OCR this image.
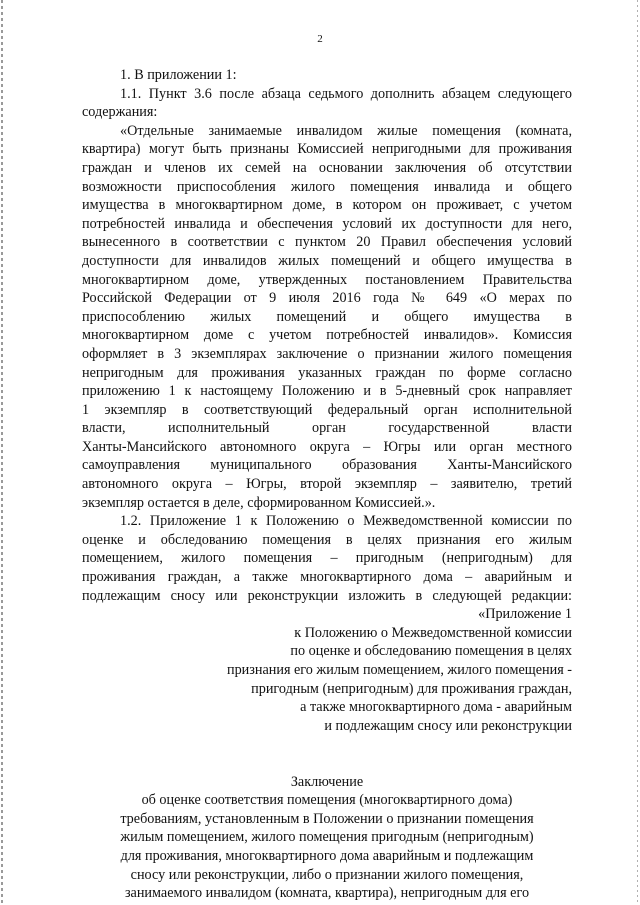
2
1. В приложении 1:
1.1. Пункт 3.6 после абзаца седьмого дополнить абзацем следующего
содержания:
«Отдельные занимаемые инвалидом жилые помещения (комната,
квартира) могут быть признаны Комиссией непригодными для проживания
граждан и членов их семей на основании заключения об отсутствии
возможности приспособления жилого помещения инвалида и общего
имущества в многоквартирном доме, в котором он проживает, с учетом
потребностей инвалида и обеспечения условий их доступности для него,
вынесенного в соответствии с пунктом 20 Правил обеспечения условий
доступности для инвалидов жилых помещений и общего имущества в
многоквартирном доме, утвержденных постановлением Правительства
Российской Федерации от 9 июля 2016 года № 649 «О мерах по
приспособлению жилых помещений и общего имущества в
многоквартирном доме с учетом потребностей инвалидов». Комиссия
оформляет в 3 экземплярах заключение о признании жилого помещения
непригодным для проживания указанных граждан по форме согласно
приложению 1 к настоящему Положению и в 5-дневный срок направляет
1 экземпляр в соответствующий федеральный орган исполнительной
власти, исполнительный орган государственной власти
Ханты-Мансийского автономного округа – Югры или орган местного
самоуправления муниципального образования Ханты-Мансийского
автономного округа – Югры, второй экземпляр – заявителю, третий
экземпляр остается в деле, сформированном Комиссией.».
1.2. Приложение 1 к Положению о Межведомственной комиссии по
оценке и обследованию помещения в целях признания его жилым
помещением, жилого помещения – пригодным (непригодным) для
проживания граждан, а также многоквартирного дома – аварийным и
подлежащим сносу или реконструкции изложить в следующей редакции:
«Приложение 1
к Положению о Межведомственной комиссии
по оценке и обследованию помещения в целях
признания его жилым помещением, жилого помещения -
пригодным (непригодным) для проживания граждан,
а также многоквартирного дома - аварийным
и подлежащим сносу или реконструкции
Заключение
об оценке соответствия помещения (многоквартирного дома)
требованиям, установленным в Положении о признании помещения
жилым помещением, жилого помещения пригодным (непригодным)
для проживания, многоквартирного дома аварийным и подлежащим
сносу или реконструкции, либо о признании жилого помещения,
занимаемого инвалидом (комната, квартира), непригодным для его
